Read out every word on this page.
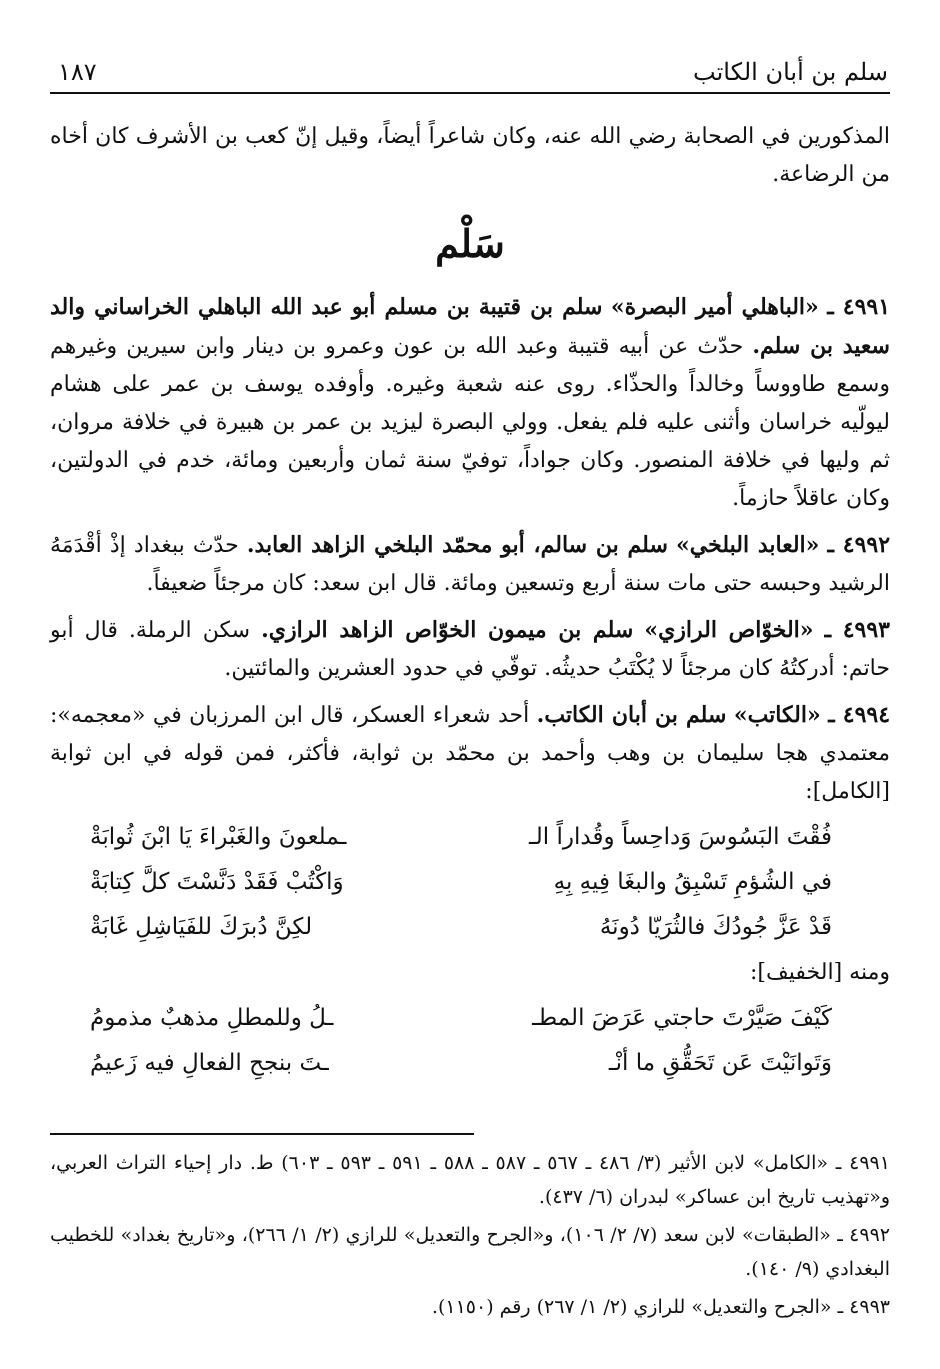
سلم بن أبان الكاتب
١٨٧

المذكورين في الصحابة رضي الله عنه، وكان شاعراً أيضاً، وقيل إنّ كعب بن الأشرف كان أخاه من الرضاعة.

سَلْم

٤٩٩١ ـ «الباهلي أمير البصرة» سلم بن قتيبة بن مسلم أبو عبد الله الباهلي الخراساني والد سعيد بن سلم. حدّث عن أبيه قتيبة وعبد الله بن عون وعمرو بن دينار وابن سيرين وغيرهم وسمع طاووساً وخالداً والحذّاء. روى عنه شعبة وغيره. وأوفده يوسف بن عمر على هشام ليولّيه خراسان وأثنى عليه فلم يفعل. وولي البصرة ليزيد بن عمر بن هبيرة في خلافة مروان، ثم وليها في خلافة المنصور. وكان جواداً، توفيّ سنة ثمان وأربعين ومائة، خدم في الدولتين، وكان عاقلاً حازماً.

٤٩٩٢ ـ «العابد البلخي» سلم بن سالم، أبو محمّد البلخي الزاهد العابد. حدّث ببغداد إذْ أقْدَمَهُ الرشيد وحبسه حتى مات سنة أربع وتسعين ومائة. قال ابن سعد: كان مرجئاً ضعيفاً.

٤٩٩٣ ـ «الخوّاص الرازي» سلم بن ميمون الخوّاص الزاهد الرازي. سكن الرملة. قال أبو حاتم: أدركتُهُ كان مرجئاً لا يُكْتَبُ حديثُه. توفّي في حدود العشرين والمائتين.

٤٩٩٤ ـ «الكاتب» سلم بن أبان الكاتب. أحد شعراء العسكر، قال ابن المرزبان في «معجمه»: معتمدي هجا سليمان بن وهب وأحمد بن محمّد بن ثوابة، فأكثر، فمن قوله في ابن ثوابة [الكامل]:

فُقْتَ البَسُوسَ وَداحِساً وقُداراً الـ
ـملعونَ والغَبْراءَ يَا ابْنَ ثُوابَةْ
في الشُؤمِ تَسْبِقُ والبغَا فِيهِ بِهِ
وَاكْتُبْ فَقَدْ دَنَّسْتَ كلَّ كِتابَةْ
قَدْ عَزَّ جُودُكَ فالثُرَيّا دُونَهُ
لكِنَّ دُبرَكَ للفَيَاشِلِ غَابَةْ

ومنه [الخفيف]:

كَيْفَ صَيَّرْتَ حاجتي عَرَضَ المطـ
ـلُ وللمطلِ مذهبٌ مذمومُ
وَتَوانَيْتَ عَن تَحَقُّقِ ما أنْـ
ـتَ بنجحِ الفعالِ فيه زَعيمُ

٤٩٩١ ـ «الكامل» لابن الأثير (٣/ ٤٨٦ ـ ٥٦٧ ـ ٥٨٧ ـ ٥٨٨ ـ ٥٩١ ـ ٥٩٣ ـ ٦٠٣) ط. دار إحياء التراث العربي، و«تهذيب تاريخ ابن عساكر» لبدران (٦/ ٤٣٧).

٤٩٩٢ ـ «الطبقات» لابن سعد (٧/ ٢/ ١٠٦)، و«الجرح والتعديل» للرازي (٢/ ١/ ٢٦٦)، و«تاريخ بغداد» للخطيب البغدادي (٩/ ١٤٠).

٤٩٩٣ ـ «الجرح والتعديل» للرازي (٢/ ١/ ٢٦٧) رقم (١١٥٠).
